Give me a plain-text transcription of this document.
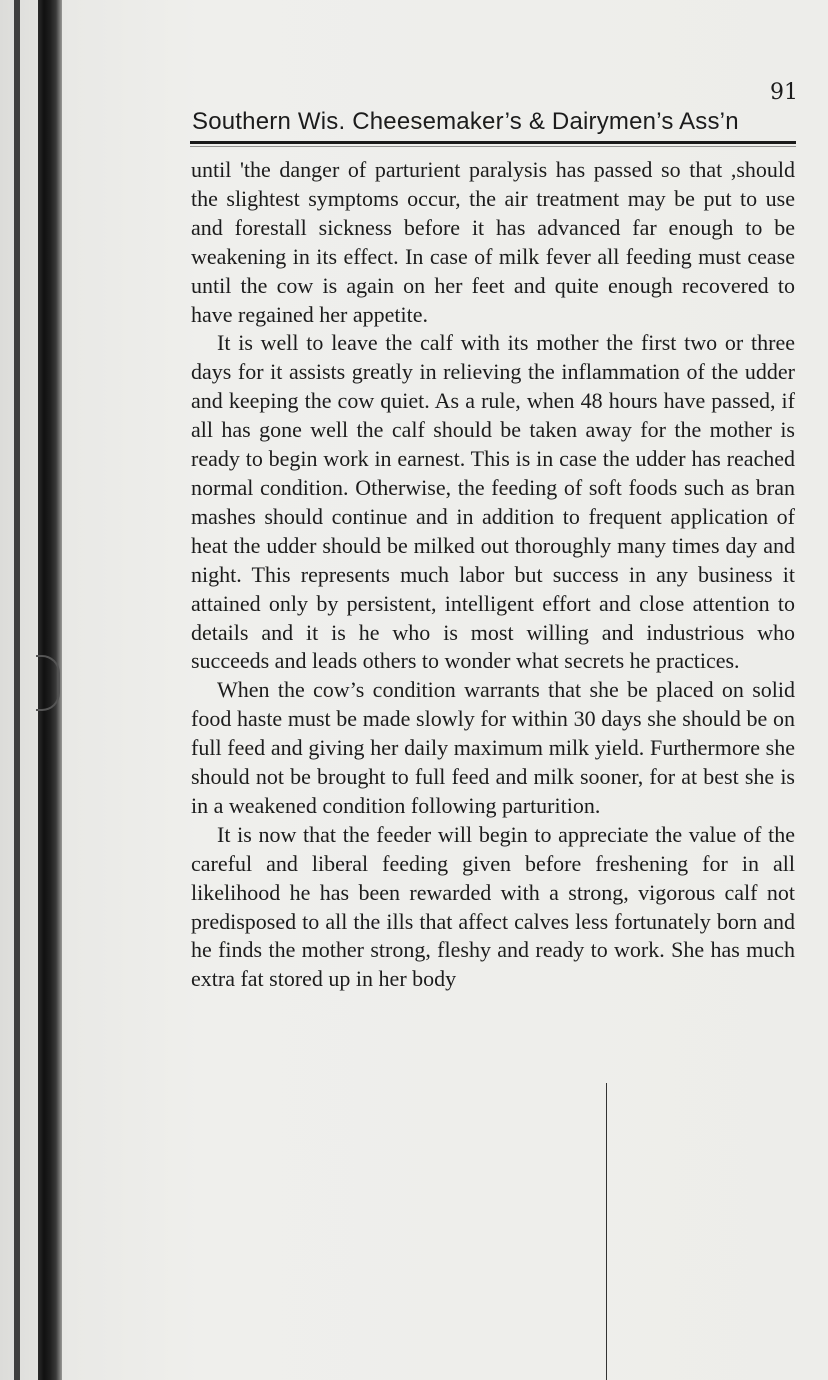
91
Southern Wis. Cheesemaker’s & Dairymen’s Ass’n

until 'the danger of parturient paralysis has passed so that ,should the slightest symptoms occur, the air treatment may be put to use and forestall sickness before it has advanced far enough to be weakening in its effect. In case of milk fever all feeding must cease until the cow is again on her feet and quite enough recovered to have regained her appetite.

It is well to leave the calf with its mother the first two or three days for it assists greatly in relieving the inflammation of the udder and keeping the cow quiet. As a rule, when 48 hours have passed, if all has gone well the calf should be taken away for the mother is ready to begin work in earnest. This is in case the udder has reached normal condition. Otherwise, the feeding of soft foods such as bran mashes should continue and in addition to frequent application of heat the udder should be milked out thoroughly many times day and night. This represents much labor but success in any business it attained only by persistent, intelligent effort and close attention to details and it is he who is most willing and industrious who succeeds and leads others to wonder what secrets he practices.

When the cow’s condition warrants that she be placed on solid food haste must be made slowly for within 30 days she should be on full feed and giving her daily maximum milk yield. Furthermore she should not be brought to full feed and milk sooner, for at best she is in a weakened condition following parturition.

It is now that the feeder will begin to appreciate the value of the careful and liberal feeding given before freshening for in all likelihood he has been rewarded with a strong, vigorous calf not predisposed to all the ills that affect calves less fortunately born and he finds the mother strong, fleshy and ready to work. She has much extra fat stored up in her body
